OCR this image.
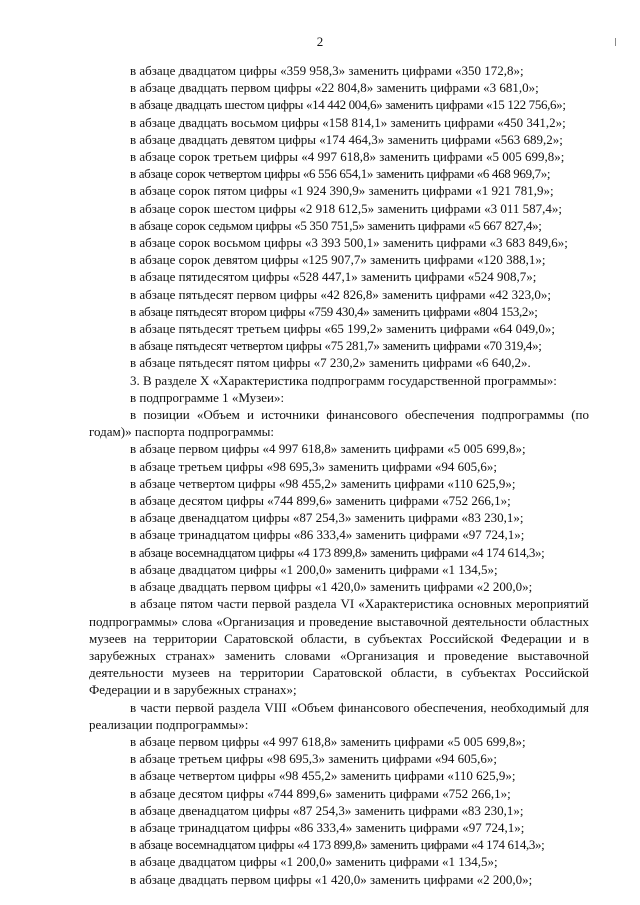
2
в абзаце двадцатом цифры «359 958,3» заменить цифрами «350 172,8»;
в абзаце двадцать первом цифры «22 804,8» заменить цифрами «3 681,0»;
в абзаце двадцать шестом цифры «14 442 004,6» заменить цифрами «15 122 756,6»;
в абзаце двадцать восьмом цифры «158 814,1» заменить цифрами «450 341,2»;
в абзаце двадцать девятом цифры «174 464,3» заменить цифрами «563 689,2»;
в абзаце сорок третьем цифры «4 997 618,8» заменить цифрами «5 005 699,8»;
в абзаце сорок четвертом цифры «6 556 654,1» заменить цифрами «6 468 969,7»;
в абзаце сорок пятом цифры «1 924 390,9» заменить цифрами «1 921 781,9»;
в абзаце сорок шестом цифры «2 918 612,5» заменить цифрами «3 011 587,4»;
в абзаце сорок седьмом цифры «5 350 751,5» заменить цифрами «5 667 827,4»;
в абзаце сорок восьмом цифры «3 393 500,1» заменить цифрами «3 683 849,6»;
в абзаце сорок девятом цифры «125 907,7» заменить цифрами «120 388,1»;
в абзаце пятидесятом цифры «528 447,1» заменить цифрами «524 908,7»;
в абзаце пятьдесят первом цифры «42 826,8» заменить цифрами «42 323,0»;
в абзаце пятьдесят втором цифры «759 430,4» заменить цифрами «804 153,2»;
в абзаце пятьдесят третьем цифры «65 199,2» заменить цифрами «64 049,0»;
в абзаце пятьдесят четвертом цифры «75 281,7» заменить цифрами «70 319,4»;
в абзаце пятьдесят пятом цифры «7 230,2» заменить цифрами «6 640,2».
3. В разделе X «Характеристика подпрограмм государственной программы»:
в подпрограмме 1 «Музеи»:

в позиции «Объем и источники финансового обеспечения подпрограммы (по годам)» паспорта подпрограммы:

в абзаце первом цифры «4 997 618,8» заменить цифрами «5 005 699,8»;
в абзаце третьем цифры «98 695,3» заменить цифрами «94 605,6»;
в абзаце четвертом цифры «98 455,2» заменить цифрами «110 625,9»;
в абзаце десятом цифры «744 899,6» заменить цифрами «752 266,1»;
в абзаце двенадцатом цифры «87 254,3» заменить цифрами «83 230,1»;
в абзаце тринадцатом цифры «86 333,4» заменить цифрами «97 724,1»;
в абзаце восемнадцатом цифры «4 173 899,8» заменить цифрами «4 174 614,3»;
в абзаце двадцатом цифры «1 200,0» заменить цифрами «1 134,5»;
в абзаце двадцать первом цифры «1 420,0» заменить цифрами «2 200,0»;

в абзаце пятом части первой раздела VI «Характеристика основных мероприятий подпрограммы» слова «Организация и проведение выставочной деятельности областных музеев на территории Саратовской области, в субъектах Российской Федерации и в зарубежных странах» заменить словами «Организация и проведение выставочной деятельности музеев на территории Саратовской области, в субъектах Российской Федерации и в зарубежных странах»;

в части первой раздела VIII «Объем финансового обеспечения, необходимый для реализации подпрограммы»:

в абзаце первом цифры «4 997 618,8» заменить цифрами «5 005 699,8»;
в абзаце третьем цифры «98 695,3» заменить цифрами «94 605,6»;
в абзаце четвертом цифры «98 455,2» заменить цифрами «110 625,9»;
в абзаце десятом цифры «744 899,6» заменить цифрами «752 266,1»;
в абзаце двенадцатом цифры «87 254,3» заменить цифрами «83 230,1»;
в абзаце тринадцатом цифры «86 333,4» заменить цифрами «97 724,1»;
в абзаце восемнадцатом цифры «4 173 899,8» заменить цифрами «4 174 614,3»;
в абзаце двадцатом цифры «1 200,0» заменить цифрами «1 134,5»;
в абзаце двадцать первом цифры «1 420,0» заменить цифрами «2 200,0»;
